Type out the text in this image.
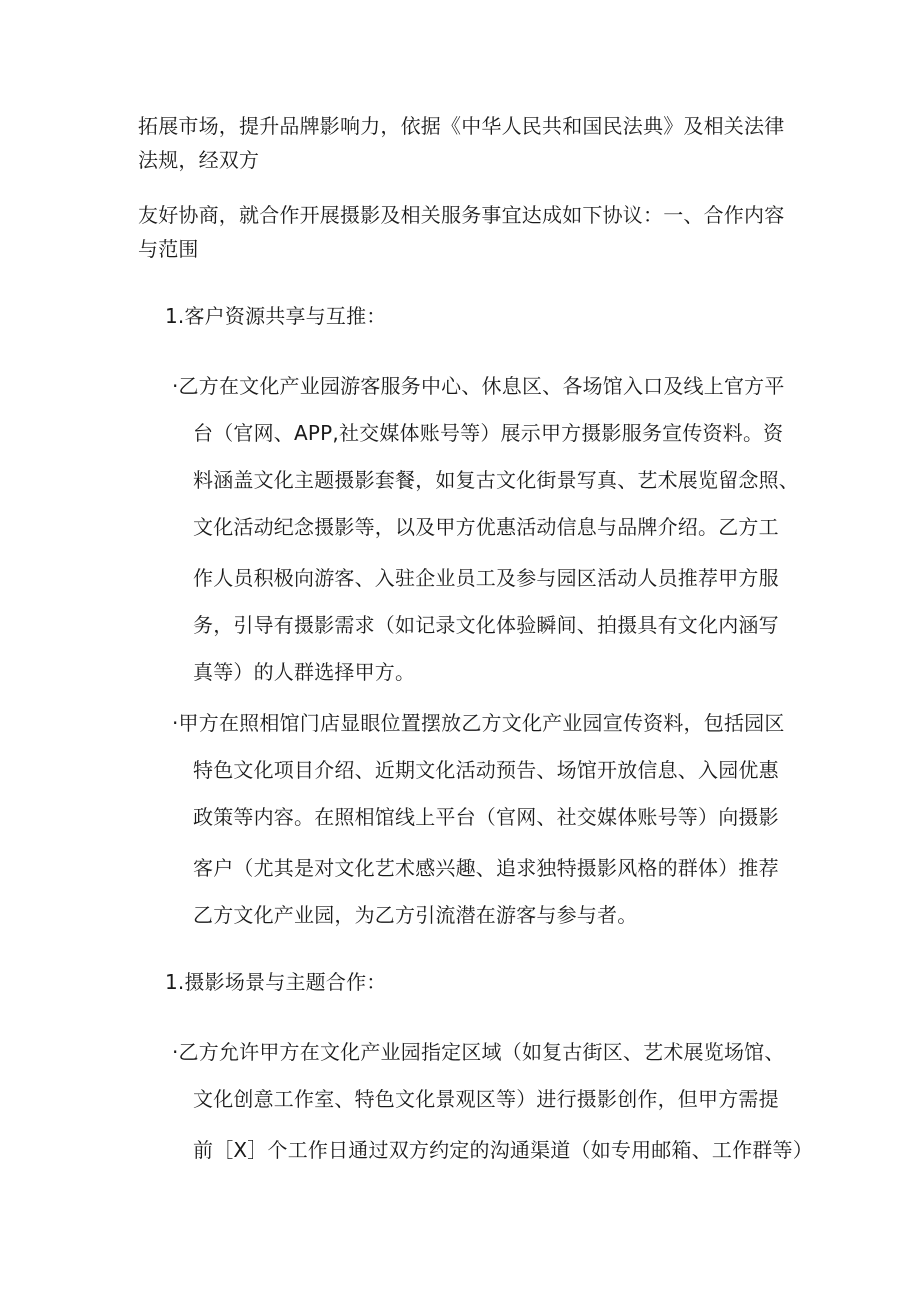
拓展市场，提升品牌影响力，依据《中华人民共和国民法典》及相关法律
法规，经双方
友好协商，就合作开展摄影及相关服务事宜达成如下协议：一、合作内容
与范围
1.客户资源共享与互推：
·乙方在文化产业园游客服务中心、休息区、各场馆入口及线上官方平
台（官网、APP,社交媒体账号等）展示甲方摄影服务宣传资料。资
料涵盖文化主题摄影套餐，如复古文化街景写真、艺术展览留念照、
文化活动纪念摄影等，以及甲方优惠活动信息与品牌介绍。乙方工
作人员积极向游客、入驻企业员工及参与园区活动人员推荐甲方服
务，引导有摄影需求（如记录文化体验瞬间、拍摄具有文化内涵写
真等）的人群选择甲方。
·甲方在照相馆门店显眼位置摆放乙方文化产业园宣传资料，包括园区
特色文化项目介绍、近期文化活动预告、场馆开放信息、入园优惠
政策等内容。在照相馆线上平台（官网、社交媒体账号等）向摄影
客户（尤其是对文化艺术感兴趣、追求独特摄影风格的群体）推荐
乙方文化产业园，为乙方引流潜在游客与参与者。
1.摄影场景与主题合作：
·乙方允许甲方在文化产业园指定区域（如复古街区、艺术展览场馆、
文化创意工作室、特色文化景观区等）进行摄影创作，但甲方需提
前［X］个工作日通过双方约定的沟通渠道（如专用邮箱、工作群等）
